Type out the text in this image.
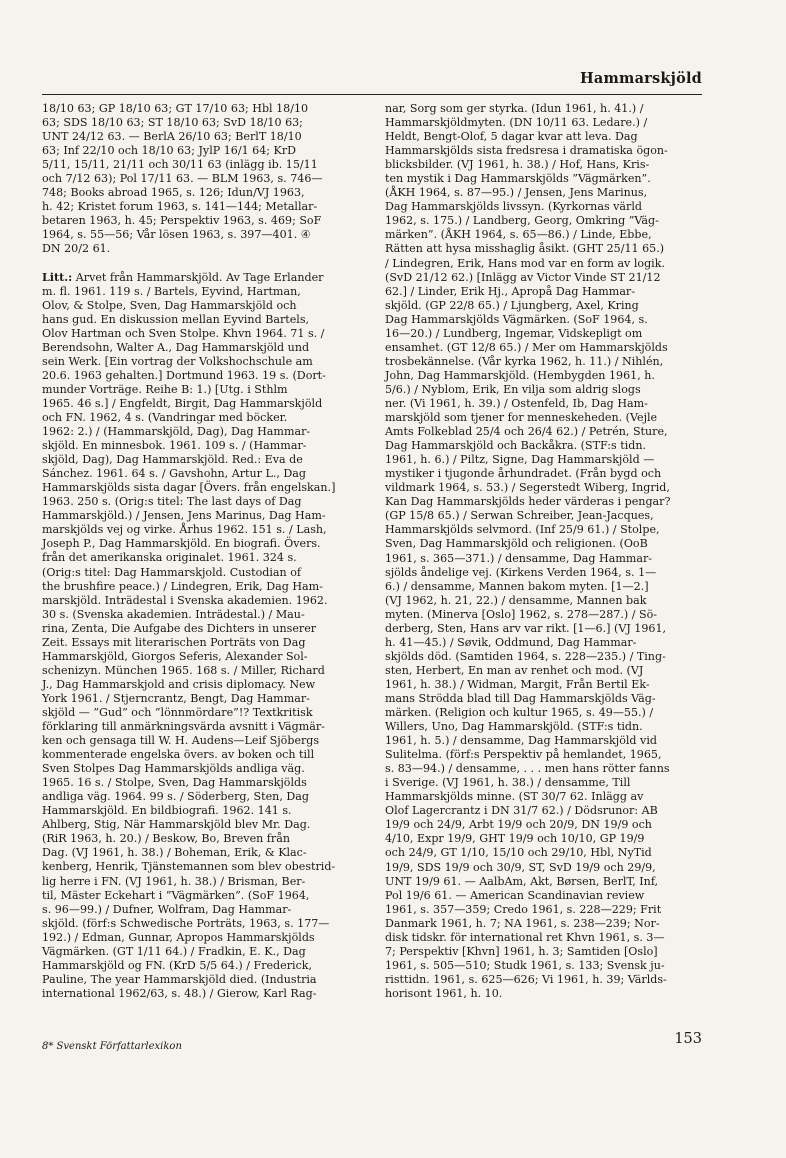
Hammarskjöld
18/10 63; GP 18/10 63; GT 17/10 63; Hbl 18/10
63; SDS 18/10 63; ST 18/10 63; SvD 18/10 63;
UNT 24/12 63. — BerlA 26/10 63; BerlT 18/10
63; Inf 22/10 och 18/10 63; JylP 16/1 64; KrD
5/11, 15/11, 21/11 och 30/11 63 (inlägg ib. 15/11
och 7/12 63); Pol 17/11 63. — BLM 1963, s. 746—
748; Books abroad 1965, s. 126; Idun/VJ 1963,
h. 42; Kristet forum 1963, s. 141—144; Metallar-
betaren 1963, h. 45; Perspektiv 1963, s. 469; SoF
1964, s. 55—56; Vår lösen 1963, s. 397—401. ④
DN 20/2 61.
Litt.: Arvet från Hammarskjöld. Av Tage Erlander
m. fl. 1961. 119 s. / Bartels, Eyvind, Hartman,
Olov, & Stolpe, Sven, Dag Hammarskjöld och
hans gud. En diskussion mellan Eyvind Bartels,
Olov Hartman och Sven Stolpe. Khvn 1964. 71 s. /
Berendsohn, Walter A., Dag Hammarskjöld und
sein Werk. [Ein vortrag der Volkshochschule am
20.6. 1963 gehalten.] Dortmund 1963. 19 s. (Dort-
munder Vorträge. Reihe B: 1.) [Utg. i Sthlm
1965. 46 s.] / Engfeldt, Birgit, Dag Hammarskjöld
och FN. 1962, 4 s. (Vandringar med böcker.
1962: 2.) / (Hammarskjöld, Dag), Dag Hammar-
skjöld. En minnesbok. 1961. 109 s. / (Hammar-
skjöld, Dag), Dag Hammarskjöld. Red.: Eva de
Sánchez. 1961. 64 s. / Gavshohn, Artur L., Dag
Hammarskjölds sista dagar [Övers. från engelskan.]
1963. 250 s. (Orig:s titel: The last days of Dag
Hammarskjöld.) / Jensen, Jens Marinus, Dag Ham-
marskjölds vej og virke. Århus 1962. 151 s. / Lash,
Joseph P., Dag Hammarskjöld. En biografi. Övers.
från det amerikanska originalet. 1961. 324 s.
(Orig:s titel: Dag Hammarskjold. Custodian of
the brushfire peace.) / Lindegren, Erik, Dag Ham-
marskjöld. Inträdestal i Svenska akademien. 1962.
30 s. (Svenska akademien. Inträdestal.) / Mau-
rina, Zenta, Die Aufgabe des Dichters in unserer
Zeit. Essays mit literarischen Porträts von Dag
Hammarskjöld, Giorgos Seferis, Alexander Sol-
schenizyn. München 1965. 168 s. / Miller, Richard
J., Dag Hammarskjold and crisis diplomacy. New
York 1961. / Stjerncrantz, Bengt, Dag Hammar-
skjöld — ”Gud” och ”lönnmördare”!? Textkritisk
förklaring till anmärkningsvärda avsnitt i Vägmär-
ken och gensaga till W. H. Audens—Leif Sjöbergs
kommenterade engelska övers. av boken och till
Sven Stolpes Dag Hammarskjölds andliga väg.
1965. 16 s. / Stolpe, Sven, Dag Hammarskjölds
andliga väg. 1964. 99 s. / Söderberg, Sten, Dag
Hammarskjöld. En bildbiografi. 1962. 141 s.
Ahlberg, Stig, När Hammarskjöld blev Mr. Dag.
(RiR 1963, h. 20.) / Beskow, Bo, Breven från
Dag. (VJ 1961, h. 38.) / Boheman, Erik, & Klac-
kenberg, Henrik, Tjänstemannen som blev obestrid-
lig herre i FN. (VJ 1961, h. 38.) / Brisman, Ber-
til, Mäster Eckehart i ”Vägmärken”. (SoF 1964,
s. 96—99.) / Dufner, Wolfram, Dag Hammar-
skjöld. (förf:s Schwedische Porträts, 1963, s. 177—
192.) / Edman, Gunnar, Apropos Hammarskjölds
Vägmärken. (GT 1/11 64.) / Fradkin, E. K., Dag
Hammarskjöld og FN. (KrD 5/5 64.) / Frederick,
Pauline, The year Hammarskjöld died. (Industria
international 1962/63, s. 48.) / Gierow, Karl Rag-
nar, Sorg som ger styrka. (Idun 1961, h. 41.) /
Hammarskjöldmyten. (DN 10/11 63. Ledare.) /
Heldt, Bengt-Olof, 5 dagar kvar att leva. Dag
Hammarskjölds sista fredsresa i dramatiska ögon-
blicksbilder. (VJ 1961, h. 38.) / Hof, Hans, Kris-
ten mystik i Dag Hammarskjölds ”Vägmärken”.
(ÅKH 1964, s. 87—95.) / Jensen, Jens Marinus,
Dag Hammarskjölds livssyn. (Kyrkornas värld
1962, s. 175.) / Landberg, Georg, Omkring ”Väg-
märken”. (ÅKH 1964, s. 65—86.) / Linde, Ebbe,
Rätten att hysa misshaglig åsikt. (GHT 25/11 65.)
/ Lindegren, Erik, Hans mod var en form av logik.
(SvD 21/12 62.) [Inlägg av Victor Vinde ST 21/12
62.] / Linder, Erik Hj., Apropå Dag Hammar-
skjöld. (GP 22/8 65.) / Ljungberg, Axel, Kring
Dag Hammarskjölds Vägmärken. (SoF 1964, s.
16—20.) / Lundberg, Ingemar, Vidskepligt om
ensamhet. (GT 12/8 65.) / Mer om Hammarskjölds
trosbekännelse. (Vår kyrka 1962, h. 11.) / Nihlén,
John, Dag Hammarskjöld. (Hembygden 1961, h.
5/6.) / Nyblom, Erik, En vilja som aldrig slogs
ner. (Vi 1961, h. 39.) / Ostenfeld, Ib, Dag Ham-
marskjöld som tjener for menneskeheden. (Vejle
Amts Folkeblad 25/4 och 26/4 62.) / Petrén, Sture,
Dag Hammarskjöld och Backåkra. (STF:s tidn.
1961, h. 6.) / Piltz, Signe, Dag Hammarskjöld —
mystiker i tjugonde århundradet. (Från bygd och
vildmark 1964, s. 53.) / Segerstedt Wiberg, Ingrid,
Kan Dag Hammarskjölds heder värderas i pengar?
(GP 15/8 65.) / Serwan Schreiber, Jean-Jacques,
Hammarskjölds selvmord. (Inf 25/9 61.) / Stolpe,
Sven, Dag Hammarskjöld och religionen. (OoB
1961, s. 365—371.) / densamme, Dag Hammar-
sjölds åndelige vej. (Kirkens Verden 1964, s. 1—
6.) / densamme, Mannen bakom myten. [1—2.]
(VJ 1962, h. 21, 22.) / densamme, Mannen bak
myten. (Minerva [Oslo] 1962, s. 278—287.) / Sö-
derberg, Sten, Hans arv var rikt. [1—6.] (VJ 1961,
h. 41—45.) / Søvik, Oddmund, Dag Hammar-
skjölds död. (Samtiden 1964, s. 228—235.) / Ting-
sten, Herbert, En man av renhet och mod. (VJ
1961, h. 38.) / Widman, Margit, Från Bertil Ek-
mans Strödda blad till Dag Hammarskjölds Väg-
märken. (Religion och kultur 1965, s. 49—55.) /
Willers, Uno, Dag Hammarskjöld. (STF:s tidn.
1961, h. 5.) / densamme, Dag Hammarskjöld vid
Sulitelma. (förf:s Perspektiv på hemlandet, 1965,
s. 83—94.) / densamme, . . . men hans rötter fanns
i Sverige. (VJ 1961, h. 38.) / densamme, Till
Hammarskjölds minne. (ST 30/7 62. Inlägg av
Olof Lagercrantz i DN 31/7 62.) / Dödsrunor: AB
19/9 och 24/9, Arbt 19/9 och 20/9, DN 19/9 och
4/10, Expr 19/9, GHT 19/9 och 10/10, GP 19/9
och 24/9, GT 1/10, 15/10 och 29/10, Hbl, NyTid
19/9, SDS 19/9 och 30/9, ST, SvD 19/9 och 29/9,
UNT 19/9 61. — AalbAm, Akt, Børsen, BerlT, Inf,
Pol 19/6 61. — American Scandinavian review
1961, s. 357—359; Credo 1961, s. 228—229; Frit
Danmark 1961, h. 7; NA 1961, s. 238—239; Nor-
disk tidskr. för international ret Khvn 1961, s. 3—
7; Perspektiv [Khvn] 1961, h. 3; Samtiden [Oslo]
1961, s. 505—510; Studk 1961, s. 133; Svensk ju-
risttidn. 1961, s. 625—626; Vi 1961, h. 39; Världs-
horisont 1961, h. 10.
8* Svenskt Författarlexikon	153
